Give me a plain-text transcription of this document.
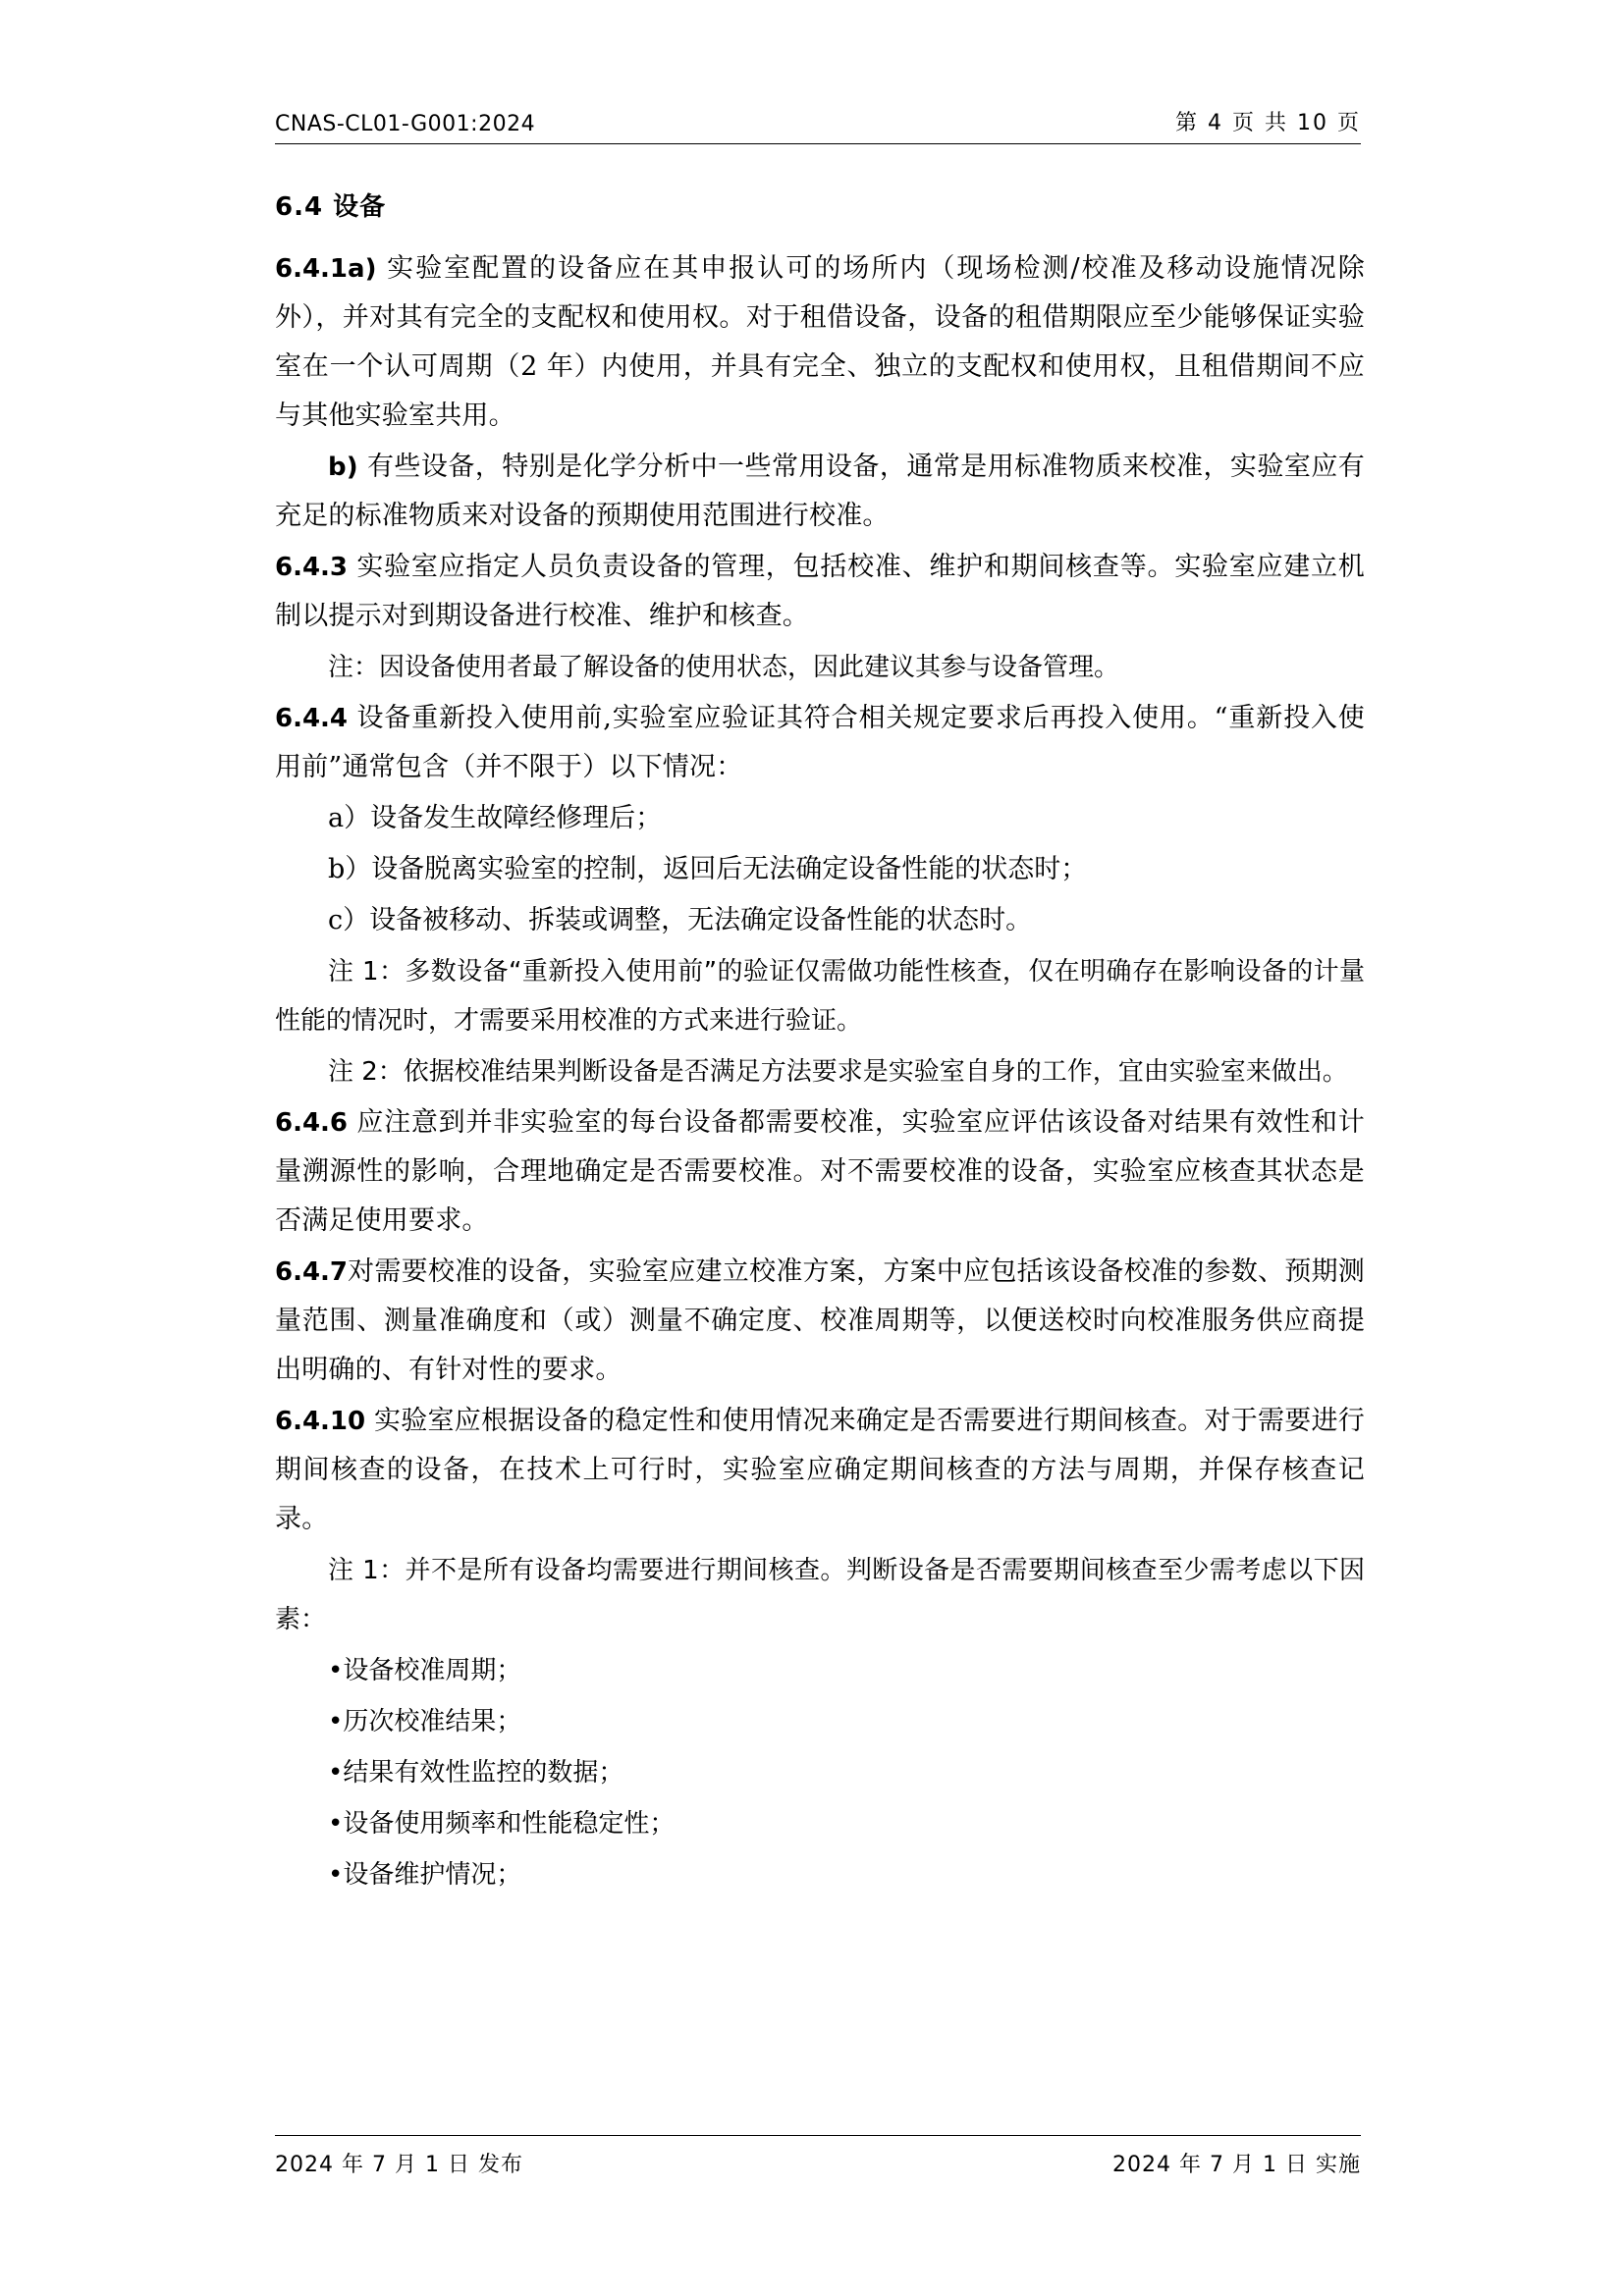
CNAS-CL01-G001:2024	第 4 页 共 10 页
6.4 设备

6.4.1a) 实验室配置的设备应在其申报认可的场所内（现场检测/校准及移动设施情况除外），并对其有完全的支配权和使用权。对于租借设备，设备的租借期限应至少能够保证实验室在一个认可周期（2 年）内使用，并具有完全、独立的支配权和使用权，且租借期间不应与其他实验室共用。

b) 有些设备，特别是化学分析中一些常用设备，通常是用标准物质来校准，实验室应有充足的标准物质来对设备的预期使用范围进行校准。

6.4.3 实验室应指定人员负责设备的管理，包括校准、维护和期间核查等。实验室应建立机制以提示对到期设备进行校准、维护和核查。

注：因设备使用者最了解设备的使用状态，因此建议其参与设备管理。

6.4.4 设备重新投入使用前,实验室应验证其符合相关规定要求后再投入使用。“重新投入使用前”通常包含（并不限于）以下情况：

a）设备发生故障经修理后；

b）设备脱离实验室的控制，返回后无法确定设备性能的状态时；

c）设备被移动、拆装或调整，无法确定设备性能的状态时。

注 1：多数设备“重新投入使用前”的验证仅需做功能性核查，仅在明确存在影响设备的计量性能的情况时，才需要采用校准的方式来进行验证。

注 2：依据校准结果判断设备是否满足方法要求是实验室自身的工作，宜由实验室来做出。

6.4.6 应注意到并非实验室的每台设备都需要校准，实验室应评估该设备对结果有效性和计量溯源性的影响，合理地确定是否需要校准。对不需要校准的设备，实验室应核查其状态是否满足使用要求。

6.4.7对需要校准的设备，实验室应建立校准方案，方案中应包括该设备校准的参数、预期测量范围、测量准确度和（或）测量不确定度、校准周期等，以便送校时向校准服务供应商提出明确的、有针对性的要求。

6.4.10 实验室应根据设备的稳定性和使用情况来确定是否需要进行期间核查。对于需要进行期间核查的设备，在技术上可行时，实验室应确定期间核查的方法与周期，并保存核查记录。

注 1：并不是所有设备均需要进行期间核查。判断设备是否需要期间核查至少需考虑以下因素：

•设备校准周期；

•历次校准结果；

•结果有效性监控的数据；

•设备使用频率和性能稳定性；

•设备维护情况；

2024 年 7 月 1 日 发布	2024 年 7 月 1 日 实施
